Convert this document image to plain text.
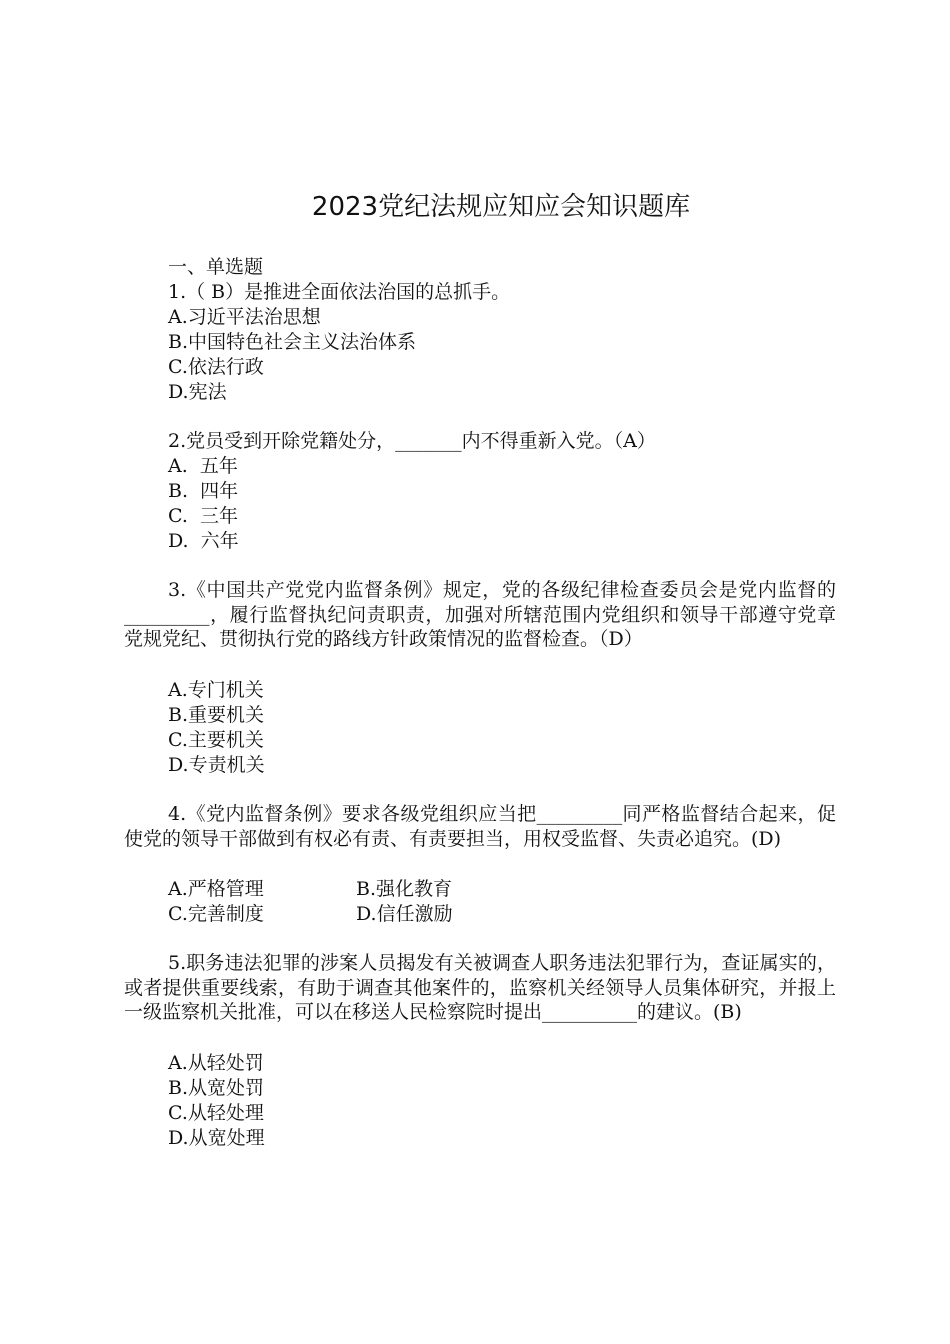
2023党纪法规应知应会知识题库
一、单选题
1.（ B）是推进全面依法治国的总抓手。
A.习近平法治思想
B.中国特色社会主义法治体系
C.依法行政
D.宪法
2.党员受到开除党籍处分，_______内不得重新入党。（A）
A.  五年
B.  四年
C.  三年
D.  六年
3.《中国共产党党内监督条例》规定，党的各级纪律检查委员会是党内监督的_________，履行监督执纪问责职责，加强对所辖范围内党组织和领导干部遵守党章党规党纪、贯彻执行党的路线方针政策情况的监督检查。（D）
A.专门机关
B.重要机关
C.主要机关
D.专责机关
4.《党内监督条例》要求各级党组织应当把_________同严格监督结合起来，促使党的领导干部做到有权必有责、有责要担当，用权受监督、失责必追究。(D)
A.严格管理	B.强化教育
C.完善制度	D.信任激励
5.职务违法犯罪的涉案人员揭发有关被调查人职务违法犯罪行为，查证属实的，或者提供重要线索，有助于调查其他案件的，监察机关经领导人员集体研究，并报上一级监察机关批准，可以在移送人民检察院时提出__________的建议。(B)
A.从轻处罚
B.从宽处罚
C.从轻处理
D.从宽处理
